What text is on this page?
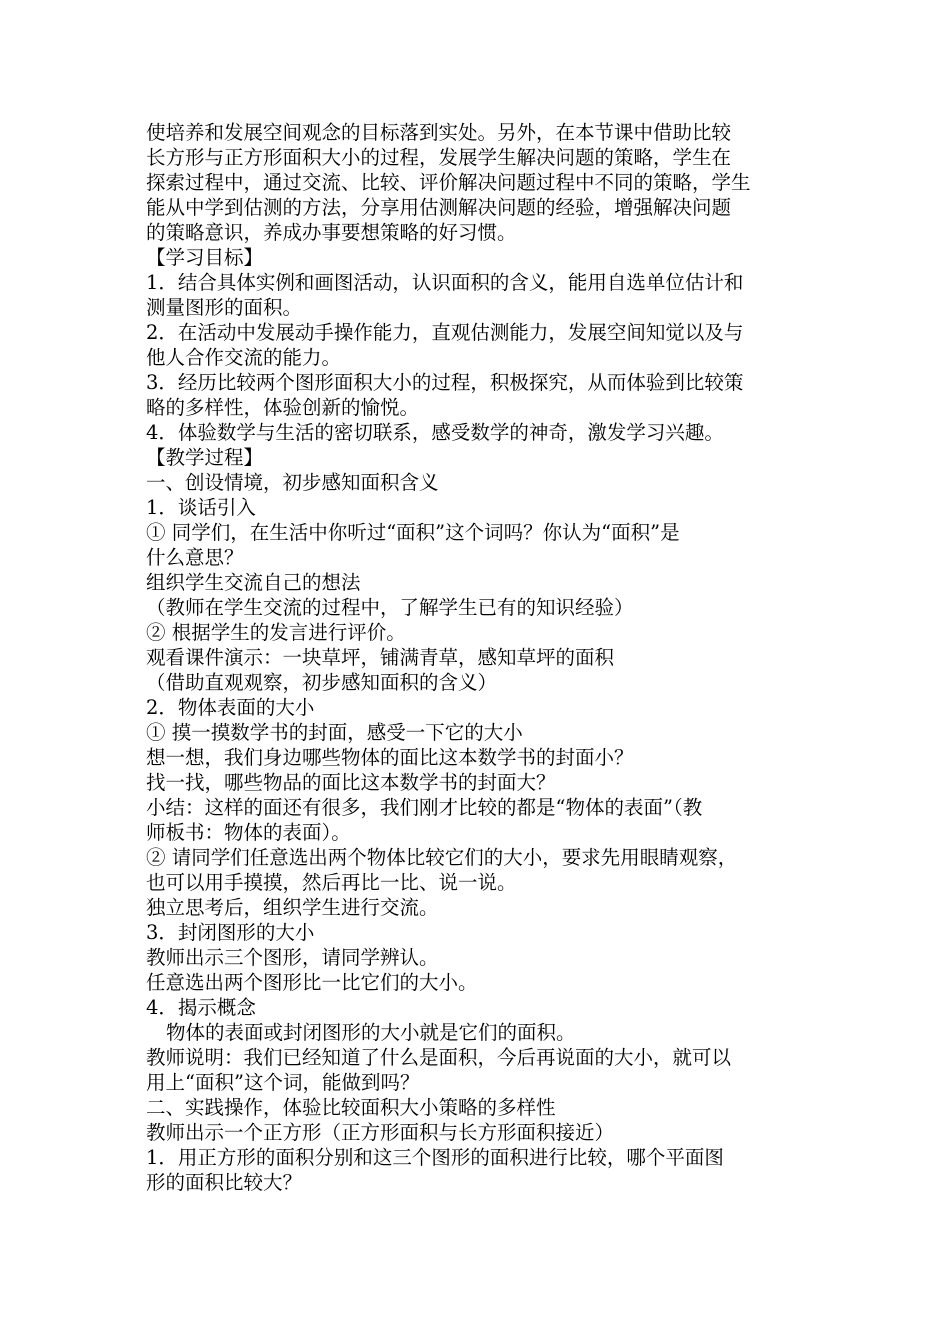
使培养和发展空间观念的目标落到实处。另外，在本节课中借助比较
长方形与正方形面积大小的过程，发展学生解决问题的策略，学生在
探索过程中，通过交流、比较、评价解决问题过程中不同的策略，学生
能从中学到估测的方法，分享用估测解决问题的经验，增强解决问题
的策略意识，养成办事要想策略的好习惯。
【学习目标】
1．结合具体实例和画图活动，认识面积的含义，能用自选单位估计和
测量图形的面积。
2．在活动中发展动手操作能力，直观估测能力，发展空间知觉以及与
他人合作交流的能力。
3．经历比较两个图形面积大小的过程，积极探究，从而体验到比较策
略的多样性，体验创新的愉悦。
4．体验数学与生活的密切联系，感受数学的神奇，激发学习兴趣。
【教学过程】
一、创设情境，初步感知面积含义
1．谈话引入
① 同学们，在生活中你听过“面积”这个词吗？你认为“面积”是
什么意思？
组织学生交流自己的想法
（教师在学生交流的过程中，了解学生已有的知识经验）
② 根据学生的发言进行评价。
观看课件演示：一块草坪，铺满青草，感知草坪的面积
（借助直观观察，初步感知面积的含义）
2．物体表面的大小
① 摸一摸数学书的封面，感受一下它的大小
想一想，我们身边哪些物体的面比这本数学书的封面小？
找一找，哪些物品的面比这本数学书的封面大？
小结：这样的面还有很多，我们刚才比较的都是“物体的表面”（教
师板书：物体的表面）。
② 请同学们任意选出两个物体比较它们的大小，要求先用眼睛观察，
也可以用手摸摸，然后再比一比、说一说。
独立思考后，组织学生进行交流。
3．封闭图形的大小
教师出示三个图形，请同学辨认。
任意选出两个图形比一比它们的大小。
4．揭示概念
物体的表面或封闭图形的大小就是它们的面积。
教师说明：我们已经知道了什么是面积，今后再说面的大小，就可以
用上“面积”这个词，能做到吗？
二、实践操作，体验比较面积大小策略的多样性
教师出示一个正方形（正方形面积与长方形面积接近）
1．用正方形的面积分别和这三个图形的面积进行比较，哪个平面图
形的面积比较大？
